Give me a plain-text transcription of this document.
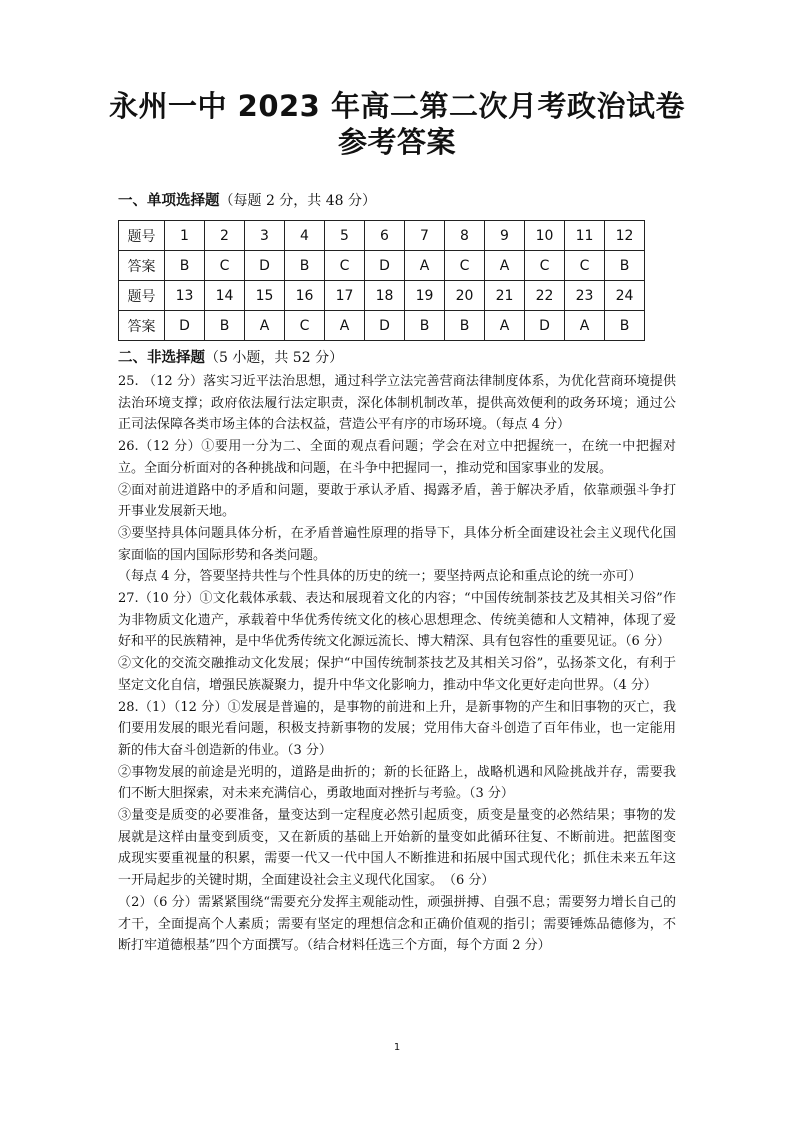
永州一中 2023 年高二第二次月考政治试卷
参考答案
一、单项选择题（每题 2 分，共 48 分）
题号	1	2	3	4	5	6	7	8	9	10	11	12
答案	B	C	D	B	C	D	A	C	A	C	C	B
题号	13	14	15	16	17	18	19	20	21	22	23	24
答案	D	B	A	C	A	D	B	B	A	D	A	B
二、非选择题（5 小题，共 52 分）

25. （12 分）落实习近平法治思想，通过科学立法完善营商法律制度体系，为优化营商环境提供法治环境支撑；政府依法履行法定职责，深化体制机制改革，提供高效便利的政务环境；通过公正司法保障各类市场主体的合法权益，营造公平有序的市场环境。（每点 4 分）

26.（12 分）①要用一分为二、全面的观点看问题；学会在对立中把握统一，在统一中把握对立。全面分析面对的各种挑战和问题，在斗争中把握同一，推动党和国家事业的发展。

②面对前进道路中的矛盾和问题，要敢于承认矛盾、揭露矛盾，善于解决矛盾，依靠顽强斗争打开事业发展新天地。

③要坚持具体问题具体分析，在矛盾普遍性原理的指导下，具体分析全面建设社会主义现代化国家面临的国内国际形势和各类问题。

（每点 4 分，答要坚持共性与个性具体的历史的统一；要坚持两点论和重点论的统一亦可）

27.（10 分）①文化载体承载、表达和展现着文化的内容；“中国传统制茶技艺及其相关习俗”作为非物质文化遗产，承载着中华优秀传统文化的核心思想理念、传统美德和人文精神，体现了爱好和平的民族精神，是中华优秀传统文化源远流长、博大精深、具有包容性的重要见证。（6 分）

②文化的交流交融推动文化发展；保护“中国传统制茶技艺及其相关习俗”，弘扬茶文化，有利于坚定文化自信，增强民族凝聚力，提升中华文化影响力，推动中华文化更好走向世界。（4 分）

28.（1）（12 分）①发展是普遍的，是事物的前进和上升，是新事物的产生和旧事物的灭亡，我们要用发展的眼光看问题，积极支持新事物的发展；党用伟大奋斗创造了百年伟业，也一定能用新的伟大奋斗创造新的伟业。（3 分）

②事物发展的前途是光明的，道路是曲折的；新的长征路上，战略机遇和风险挑战并存，需要我们不断大胆探索，对未来充满信心，勇敢地面对挫折与考验。（3 分）

③量变是质变的必要准备，量变达到一定程度必然引起质变，质变是量变的必然结果；事物的发展就是这样由量变到质变，又在新质的基础上开始新的量变如此循环往复、不断前进。把蓝图变成现实要重视量的积累，需要一代又一代中国人不断推进和拓展中国式现代化；抓住未来五年这一开局起步的关键时期，全面建设社会主义现代化国家。　（6 分）

（2）（6 分）需紧紧围绕“需要充分发挥主观能动性，顽强拼搏、自强不息；需要努力增长自己的才干，全面提高个人素质；需要有坚定的理想信念和正确价值观的指引；需要锤炼品德修为，不断打牢道德根基”四个方面撰写。（结合材料任选三个方面，每个方面 2 分）

1
